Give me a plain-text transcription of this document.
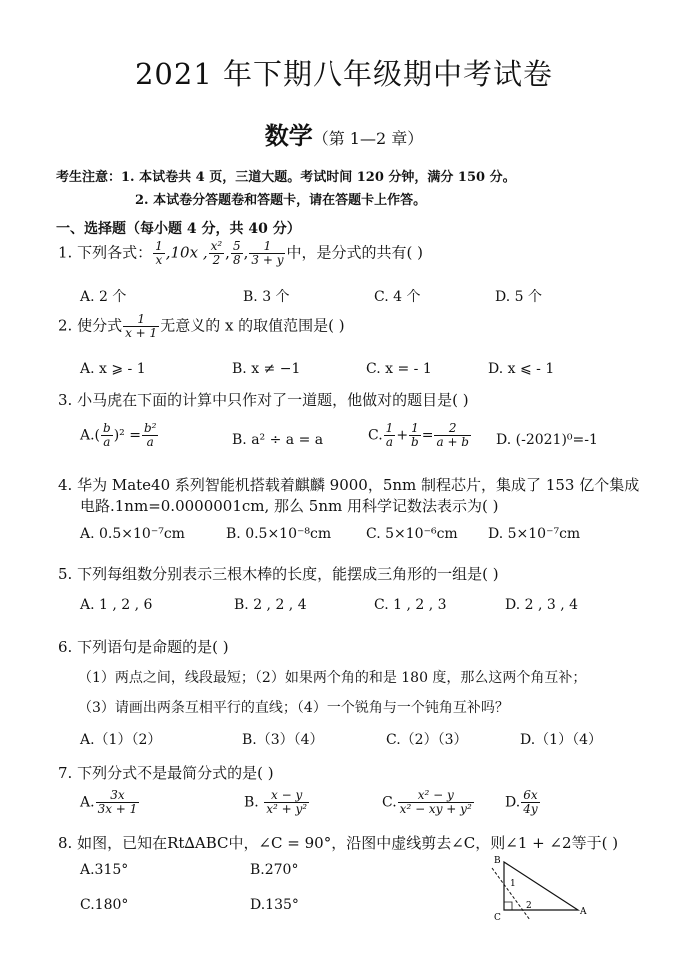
2021 年下期八年级期中考试卷
数学（第 1—2 章）
考生注意：1. 本试卷共 4 页，三道大题。考试时间 120 分钟，满分 150 分。
2. 本试卷分答题卷和答题卡，请在答题卡上作答。
一、选择题（每小题 4 分，共 40 分）
1. 下列各式： $\frac{1}{x} ,10x$ , $\frac{\text{x²}}{2}$ , $\frac{5}{8}$ , $\frac{1}{3 + y}$ 中，是分式的共有( )
A. 2 个	B. 3 个	C. 4 个	D. 5 个
2. 使分式 $\frac{1}{x + 1}$ 无意义的 x 的取值范围是( )
A. x ⩾ - 1	B. x ≠ −1	C. x = - 1	D. x ⩽ - 1
3. 小马虎在下面的计算中只作对了一道题，他做对的题目是( )
$A.( \frac{b}{a} )^2 = \frac{\text{b²}}{a}$	B. a² ÷ a = a	C. $\frac{1}{a} + \frac{1}{b} = \frac{2}{a + b} D$. (-2021)⁰=-1
4. 华为 Mate40 系列智能机搭载着麒麟 9000，5nm 制程芯片，集成了 153 亿个集成
电路.1nm=0.0000001cm, 那么 5nm 用科学记数法表示为( )
A. 0.5×10⁻⁷cm	B. 0.5×10⁻⁸cm C. 5×10⁻⁶cm D. 5×10⁻⁷cm
5. 下列每组数分别表示三根木棒的长度，能摆成三角形的一组是( )
A. 1 , 2 , 6	B. 2 , 2 , 4	C. 1 , 2 , 3	D. 2 , 3 , 4
6. 下列语句是命题的是( )
（1）两点之间，线段最短；（2）如果两个角的和是 180 度，那么这两个角互补；
（3）请画出两条互相平行的直线；（4）一个锐角与一个钝角互补吗？
A.（1）（2）	B.（3）（4）	C.（2）（3）	D.（1）（4）
7. 下列分式不是最简分式的是( )
A. $\frac{3x}{3x + 1}$	B. $\frac{x - y}{\text{x² + y²}}$	C. $\frac{\text{x² − y}}{\text{x² − xy + y²}} D$. $\frac{6x}{4y}$
8. 如图，已知在Rt∆ABC中，∠C = 90°，沿图中虚线剪去∠C，则∠1 + ∠2等于( )
A.315°	B.270°
C.180°	D.135°
B
C
A
1
2
